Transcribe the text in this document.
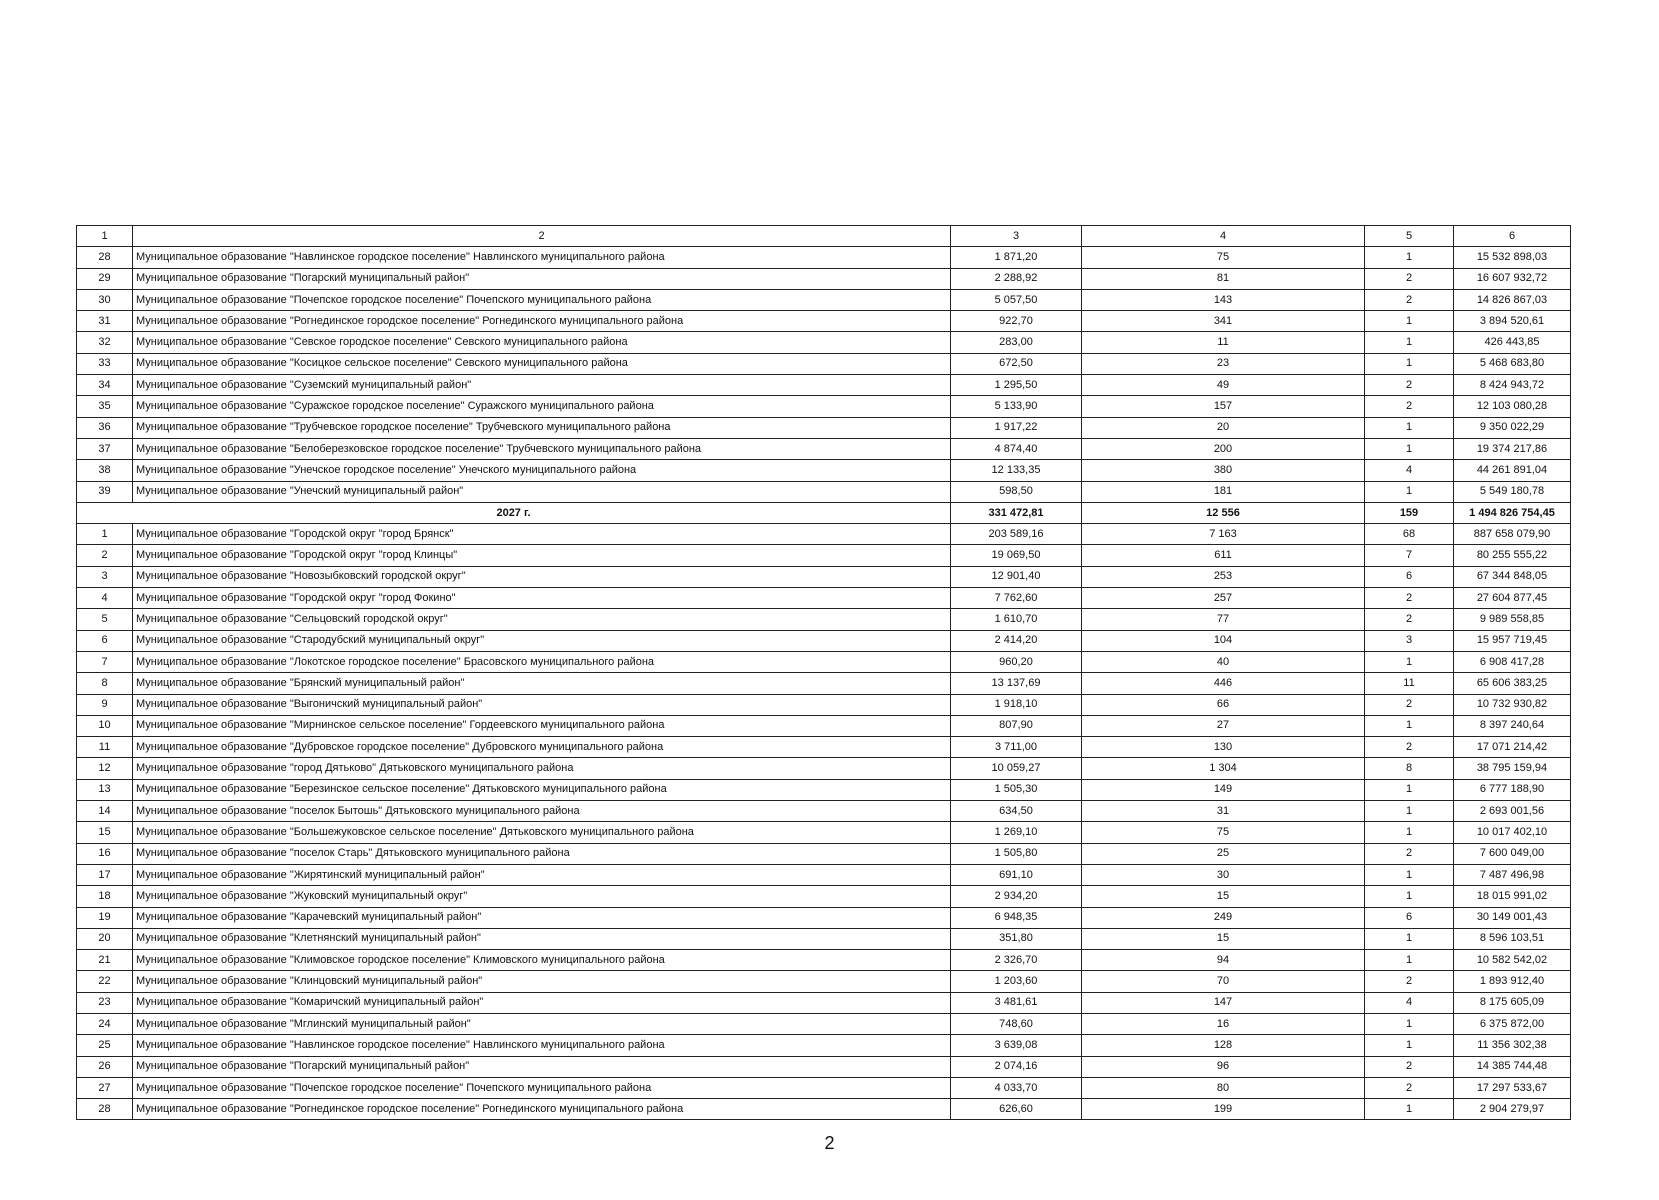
1	2	3	4	5	6
28	Муниципальное образование "Навлинское городское поселение" Навлинского муниципального района	1 871,20	75	1	15 532 898,03
29	Муниципальное образование "Погарский муниципальный район"	2 288,92	81	2	16 607 932,72
30	Муниципальное образование "Почепское городское поселение" Почепского муниципального района	5 057,50	143	2	14 826 867,03
31	Муниципальное образование "Рогнединское городское поселение" Рогнединского муниципального района	922,70	341	1	3 894 520,61
32	Муниципальное образование "Севское городское поселение" Севского муниципального района	283,00	11	1	426 443,85
33	Муниципальное образование "Косицкое сельское поселение" Севского муниципального района	672,50	23	1	5 468 683,80
34	Муниципальное образование "Суземский муниципальный район"	1 295,50	49	2	8 424 943,72
35	Муниципальное образование "Суражское городское поселение" Суражского муниципального района	5 133,90	157	2	12 103 080,28
36	Муниципальное образование "Трубчевское городское поселение" Трубчевского муниципального района	1 917,22	20	1	9 350 022,29
37	Муниципальное образование "Белоберезковское городское поселение" Трубчевского муниципального района	4 874,40	200	1	19 374 217,86
38	Муниципальное образование "Унечское городское поселение" Унечского муниципального района	12 133,35	380	4	44 261 891,04
39	Муниципальное образование "Унечский муниципальный район"	598,50	181	1	5 549 180,78
2027 г.		331 472,81	12 556	159	1 494 826 754,45
1	Муниципальное образование "Городской округ "город Брянск"	203 589,16	7 163	68	887 658 079,90
2	Муниципальное образование "Городской округ "город Клинцы"	19 069,50	611	7	80 255 555,22
3	Муниципальное образование "Новозыбковский городской округ"	12 901,40	253	6	67 344 848,05
4	Муниципальное образование "Городской округ "город Фокино"	7 762,60	257	2	27 604 877,45
5	Муниципальное образование "Сельцовский городской округ"	1 610,70	77	2	9 989 558,85
6	Муниципальное образование "Стародубский муниципальный округ"	2 414,20	104	3	15 957 719,45
7	Муниципальное образование "Локотское городское поселение" Брасовского муниципального района	960,20	40	1	6 908 417,28
8	Муниципальное образование "Брянский муниципальный район"	13 137,69	446	11	65 606 383,25
9	Муниципальное образование "Выгоничский муниципальный район"	1 918,10	66	2	10 732 930,82
10	Муниципальное образование "Мирнинское сельское поселение" Гордеевского муниципального района	807,90	27	1	8 397 240,64
11	Муниципальное образование "Дубровское городское поселение" Дубровского муниципального района	3 711,00	130	2	17 071 214,42
12	Муниципальное образование "город Дятьково" Дятьковского муниципального района	10 059,27	1 304	8	38 795 159,94
13	Муниципальное образование "Березинское сельское поселение" Дятьковского муниципального района	1 505,30	149	1	6 777 188,90
14	Муниципальное образование "поселок Бытошь" Дятьковского муниципального района	634,50	31	1	2 693 001,56
15	Муниципальное образование "Большежуковское сельское поселение" Дятьковского муниципального района	1 269,10	75	1	10 017 402,10
16	Муниципальное образование "поселок Старь" Дятьковского муниципального района	1 505,80	25	2	7 600 049,00
17	Муниципальное образование "Жирятинский муниципальный район"	691,10	30	1	7 487 496,98
18	Муниципальное образование "Жуковский муниципальный округ"	2 934,20	15	1	18 015 991,02
19	Муниципальное образование "Карачевский муниципальный район"	6 948,35	249	6	30 149 001,43
20	Муниципальное образование "Клетнянский муниципальный район"	351,80	15	1	8 596 103,51
21	Муниципальное образование "Климовское городское поселение" Климовского муниципального района	2 326,70	94	1	10 582 542,02
22	Муниципальное образование "Клинцовский муниципальный район"	1 203,60	70	2	1 893 912,40
23	Муниципальное образование "Комаричский муниципальный район"	3 481,61	147	4	8 175 605,09
24	Муниципальное образование "Мглинский муниципальный район"	748,60	16	1	6 375 872,00
25	Муниципальное образование "Навлинское городское поселение" Навлинского муниципального района	3 639,08	128	1	11 356 302,38
26	Муниципальное образование "Погарский муниципальный район"	2 074,16	96	2	14 385 744,48
27	Муниципальное образование "Почепское городское поселение" Почепского муниципального района	4 033,70	80	2	17 297 533,67
28	Муниципальное образование "Рогнединское городское поселение" Рогнединского муниципального района	626,60	199	1	2 904 279,97
2
